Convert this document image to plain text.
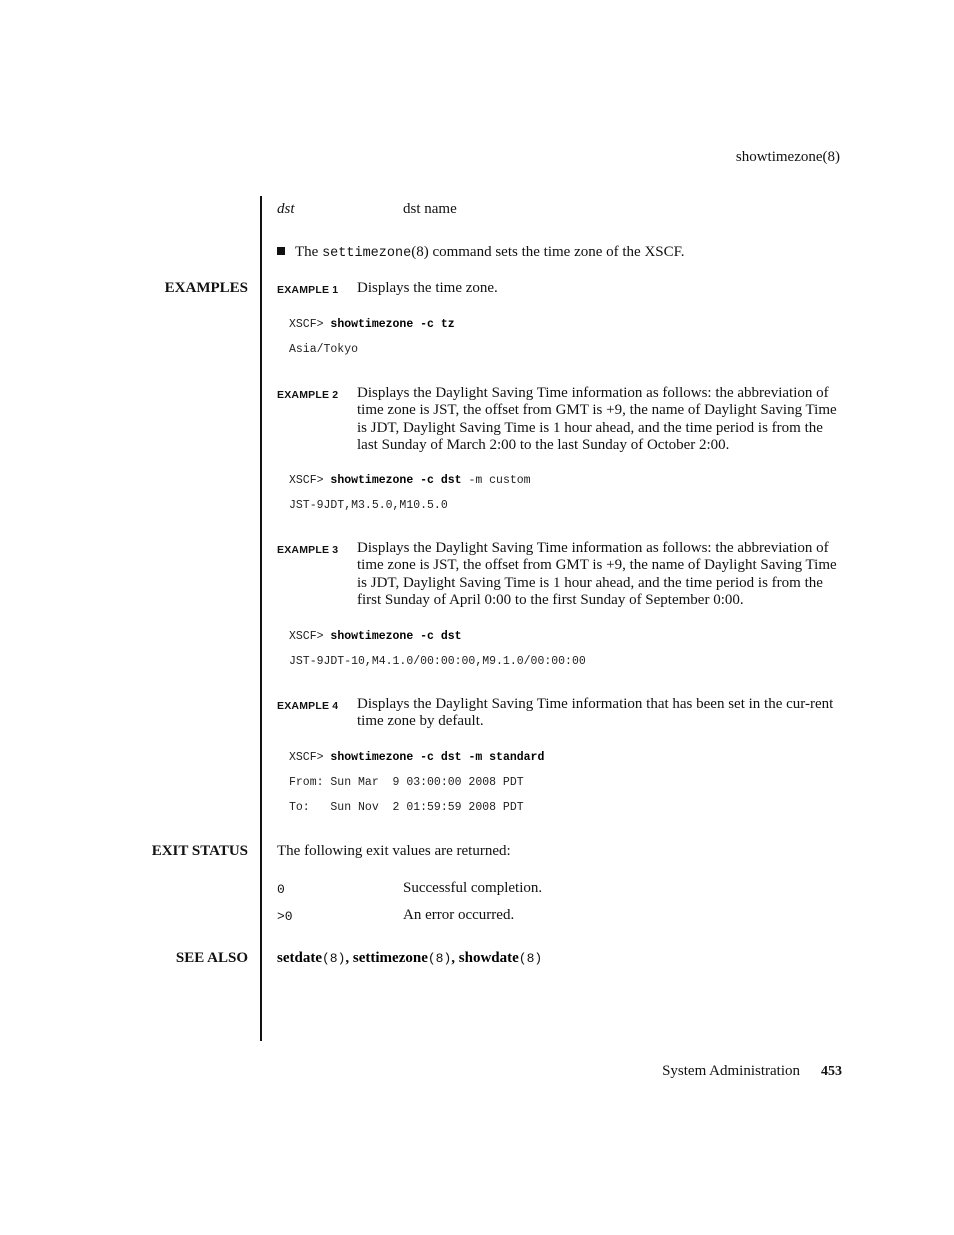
showtimezone(8)
dst	dst name
The settimezone(8) command sets the time zone of the XSCF.
EXAMPLES	EXAMPLE 1 Displays the time zone.
XSCF> showtimezone -c tz
Asia/Tokyo
EXAMPLE 2 Displays the Daylight Saving Time information as follows: the abbreviation of time zone is JST, the offset from GMT is +9, the name of Daylight Saving Time is JDT, Daylight Saving Time is 1 hour ahead, and the time period is from the last Sunday of March 2:00 to the last Sunday of October 2:00.
XSCF> showtimezone -c dst -m custom
JST-9JDT,M3.5.0,M10.5.0
EXAMPLE 3 Displays the Daylight Saving Time information as follows: the abbreviation of time zone is JST, the offset from GMT is +9, the name of Daylight Saving Time is JDT, Daylight Saving Time is 1 hour ahead, and the time period is from the first Sunday of April 0:00 to the first Sunday of September 0:00.
XSCF> showtimezone -c dst
JST-9JDT-10,M4.1.0/00:00:00,M9.1.0/00:00:00
EXAMPLE 4 Displays the Daylight Saving Time information that has been set in the cur-rent time zone by default.
XSCF> showtimezone -c dst -m standard
From: Sun Mar  9 03:00:00 2008 PDT
To:   Sun Nov  2 01:59:59 2008 PDT
EXIT STATUS The following exit values are returned:
0	Successful completion.
>0	An error occurred.
SEE ALSO setdate(8), settimezone(8), showdate(8)
System Administration 453
